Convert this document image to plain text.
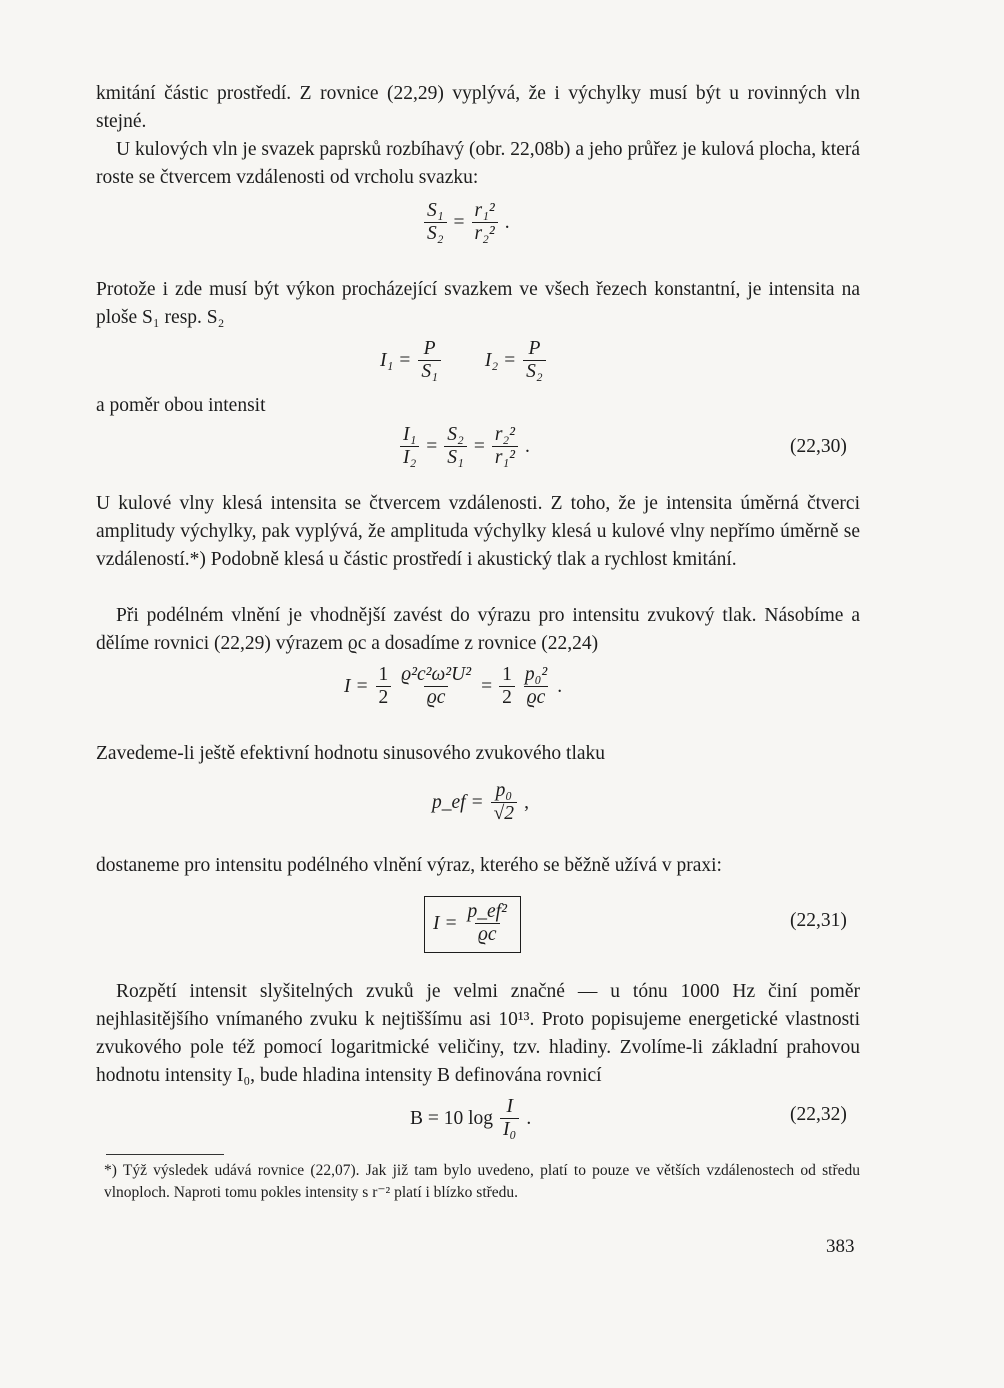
kmitání částic prostředí. Z rovnice (22,29) vyplývá, že i výchylky musí být u rovinných vln stejné.
U kulových vln je svazek paprsků rozbíhavý (obr. 22,08b) a jeho průřez je kulová plocha, která roste se čtvercem vzdálenosti od vrcholu svazku:
$\frac{\text{S₁}}{\text{S₂}} = \frac{\text{r₁²}}{\text{r₂²}}$ .
Protože i zde musí být výkon procházející svazkem ve všech řezech konstantní, je intensita na ploše S₁ resp. S₂
$I_1 = \frac{P}{\text{S₁}} I_2 = \frac{P}{\text{S₂}}$
a poměr obou intensit
$\frac{\text{I₁}}{\text{I₂}} = \frac{\text{S₂}}{\text{S₁}} = \frac{\text{r₂²}}{\text{r₁²}}$ .	(22,30)
U kulové vlny klesá intensita se čtvercem vzdálenosti. Z toho, že je intensita úměrná čtverci amplitudy výchylky, pak vyplývá, že amplituda výchylky klesá u kulové vlny nepřímo úměrně se vzdáleností.*) Podobně klesá u částic prostředí i akustický tlak a rychlost kmitání.
Při podélném vlnění je vhodnější zavést do výrazu pro intensitu zvukový tlak. Násobíme a dělíme rovnici (22,29) výrazem ϱc a dosadíme z rovnice (22,24)
$I = \frac{1}{2} \frac{\text{ϱ²c²ω²U²}}{ϱc} = \frac{1}{2} \frac{\text{p₀²}}{ϱc}$ .
Zavedeme-li ještě efektivní hodnotu sinusového zvukového tlaku
p_ef = $\frac{\text{p₀}}{√2}$ ,
dostaneme pro intensitu podélného vlnění výraz, kterého se běžně užívá v praxi:
$I = \frac{\text{p\_ef²}}{ϱc}$	(22,31)
Rozpětí intensit slyšitelných zvuků je velmi značné — u tónu 1000 Hz činí poměr nejhlasitějšího vnímaného zvuku k nejtiššímu asi 10¹³. Proto popisujeme energetické vlastnosti zvukového pole též pomocí logaritmické veličiny, tzv. hladiny. Zvolíme-li základní prahovou hodnotu intensity I₀, bude hladina intensity B definována rovnicí
B = 10 $\log \frac{I}{\text{I₀}}$ .	(22,32)
*) Týž výsledek udává rovnice (22,07). Jak již tam bylo uvedeno, platí to pouze ve větších vzdálenostech od středu vlnoploch. Naproti tomu pokles intensity s r⁻² platí i blízko středu.
383
